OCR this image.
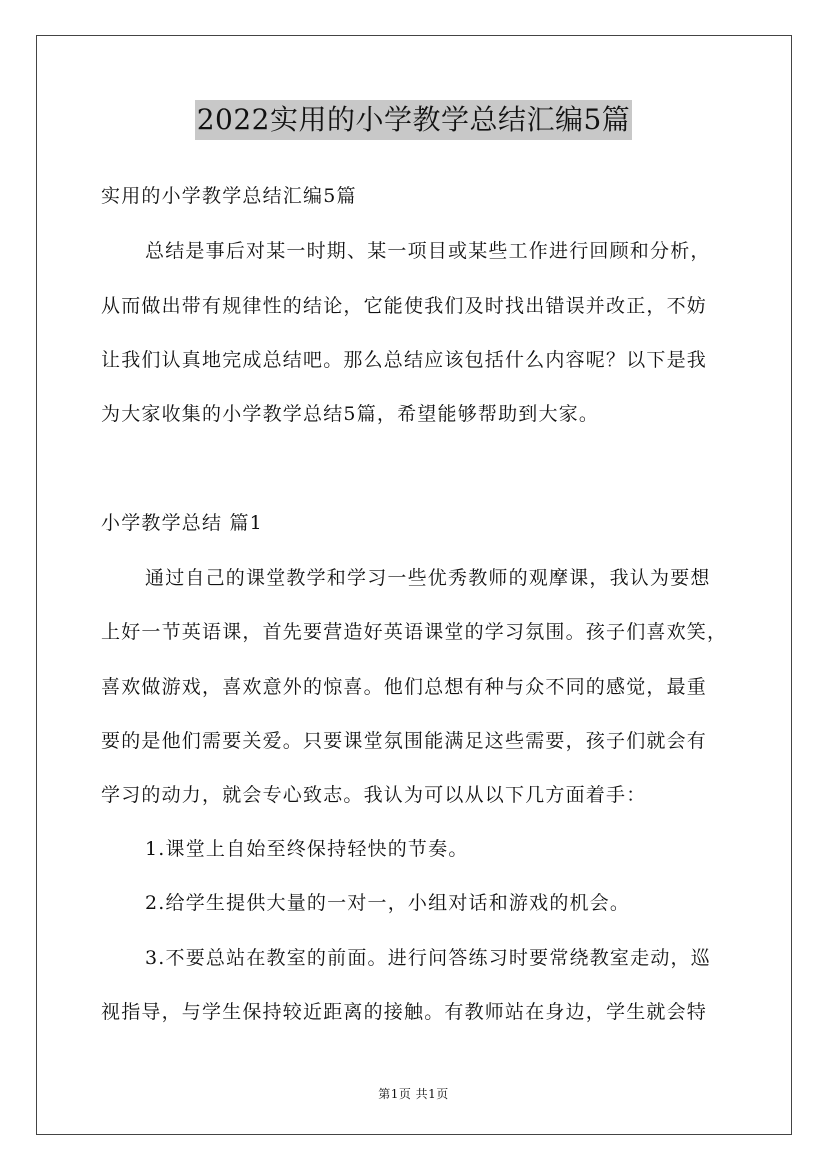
2022实用的小学教学总结汇编5篇
实用的小学教学总结汇编5篇
总结是事后对某一时期、某一项目或某些工作进行回顾和分析，
从而做出带有规律性的结论，它能使我们及时找出错误并改正，不妨
让我们认真地完成总结吧。那么总结应该包括什么内容呢？以下是我
为大家收集的小学教学总结5篇，希望能够帮助到大家。
小学教学总结 篇1
通过自己的课堂教学和学习一些优秀教师的观摩课，我认为要想
上好一节英语课，首先要营造好英语课堂的学习氛围。孩子们喜欢笑，
喜欢做游戏，喜欢意外的惊喜。他们总想有种与众不同的感觉，最重
要的是他们需要关爱。只要课堂氛围能满足这些需要，孩子们就会有
学习的动力，就会专心致志。我认为可以从以下几方面着手：
1.课堂上自始至终保持轻快的节奏。
2.给学生提供大量的一对一，小组对话和游戏的机会。
3.不要总站在教室的前面。进行问答练习时要常绕教室走动，巡
视指导，与学生保持较近距离的接触。有教师站在身边，学生就会特
第1页 共1页
